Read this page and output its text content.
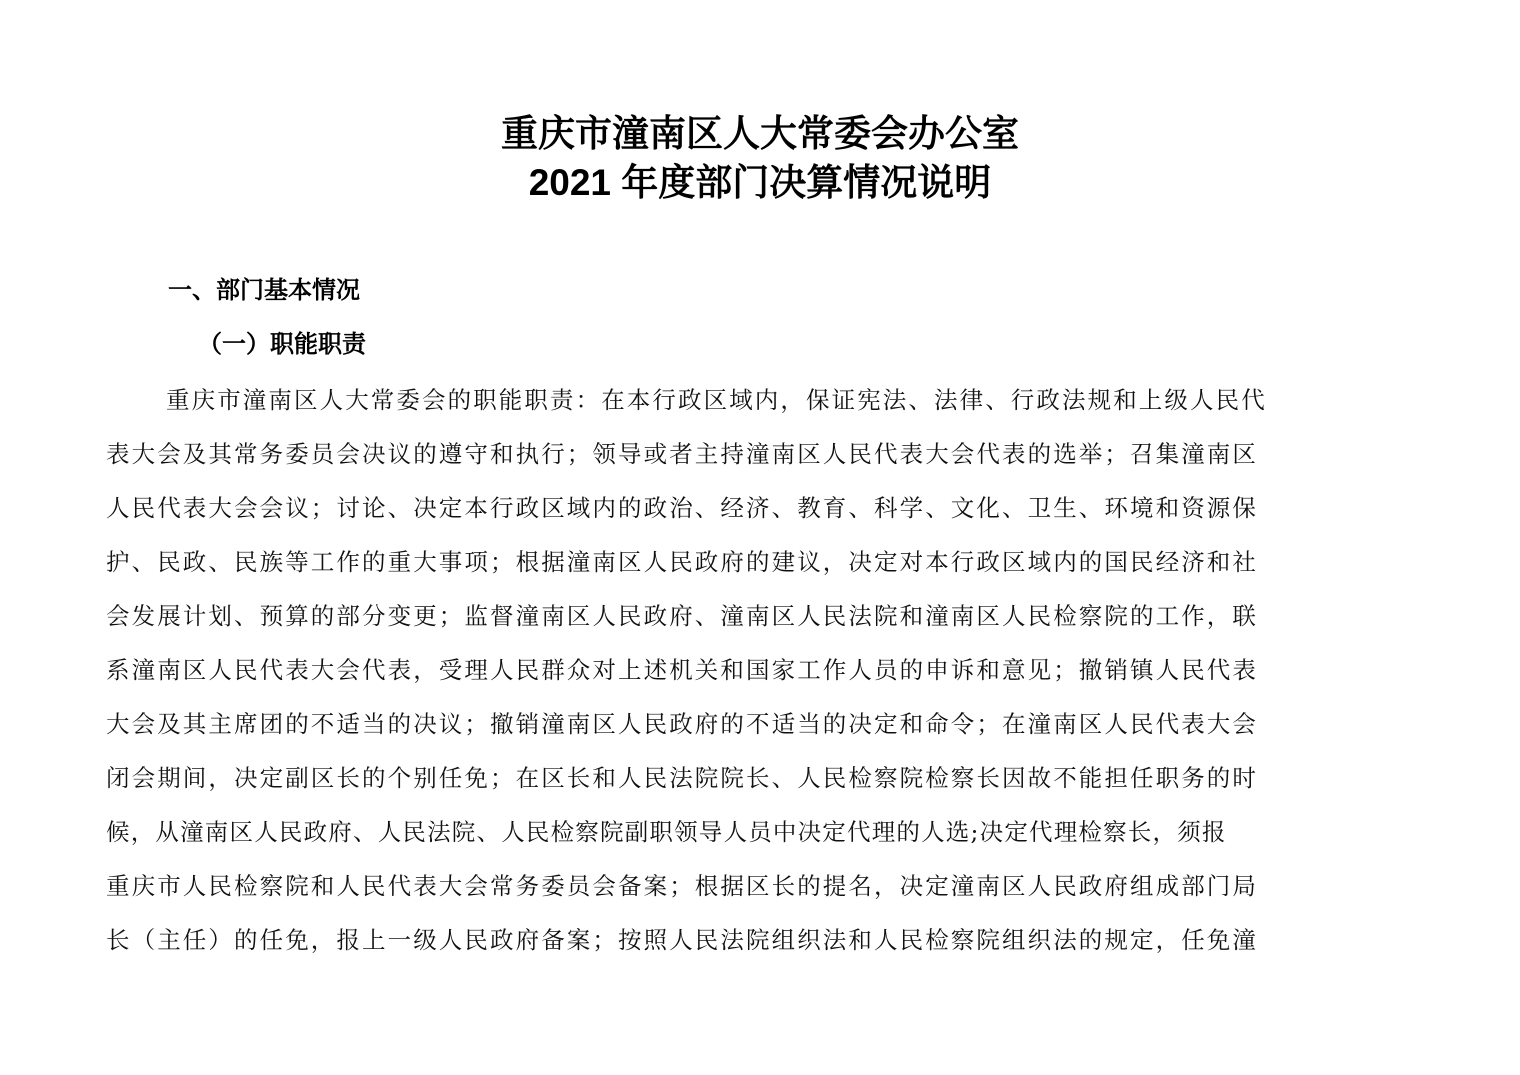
重庆市潼南区人大常委会办公室
2021 年度部门决算情况说明
一、部门基本情况
（一）职能职责
重庆市潼南区人大常委会的职能职责：在本行政区域内，保证宪法、法律、行政法规和上级人民代
表大会及其常务委员会决议的遵守和执行；领导或者主持潼南区人民代表大会代表的选举；召集潼南区
人民代表大会会议；讨论、决定本行政区域内的政治、经济、教育、科学、文化、卫生、环境和资源保
护、民政、民族等工作的重大事项；根据潼南区人民政府的建议，决定对本行政区域内的国民经济和社
会发展计划、预算的部分变更；监督潼南区人民政府、潼南区人民法院和潼南区人民检察院的工作，联
系潼南区人民代表大会代表，受理人民群众对上述机关和国家工作人员的申诉和意见；撤销镇人民代表
大会及其主席团的不适当的决议；撤销潼南区人民政府的不适当的决定和命令；在潼南区人民代表大会
闭会期间，决定副区长的个别任免；在区长和人民法院院长、人民检察院检察长因故不能担任职务的时
候，从潼南区人民政府、人民法院、人民检察院副职领导人员中决定代理的人选;决定代理检察长，须报
重庆市人民检察院和人民代表大会常务委员会备案；根据区长的提名，决定潼南区人民政府组成部门局
长（主任）的任免，报上一级人民政府备案；按照人民法院组织法和人民检察院组织法的规定，任免潼
